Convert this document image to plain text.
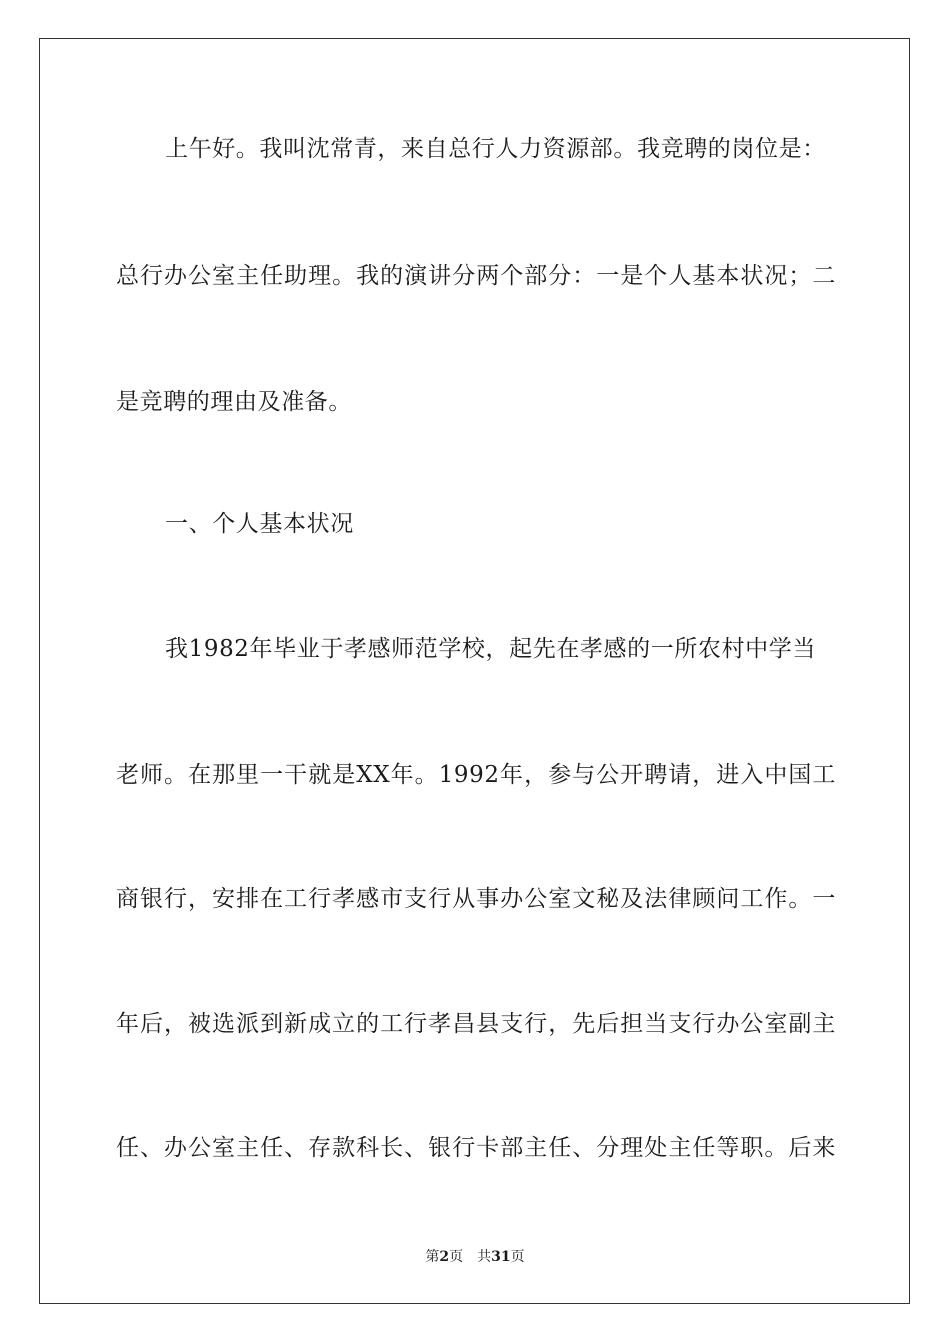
上午好。我叫沈常青，来自总行人力资源部。我竞聘的岗位是：
总行办公室主任助理。我的演讲分两个部分：一是个人基本状况；二
是竞聘的理由及准备。
一、个人基本状况
我1982年毕业于孝感师范学校，起先在孝感的一所农村中学当
老师。在那里一干就是XX年。1992年，参与公开聘请，进入中国工
商银行，安排在工行孝感市支行从事办公室文秘及法律顾问工作。一
年后，被选派到新成立的工行孝昌县支行，先后担当支行办公室副主
任、办公室主任、存款科长、银行卡部主任、分理处主任等职。后来
第2页 共31页
